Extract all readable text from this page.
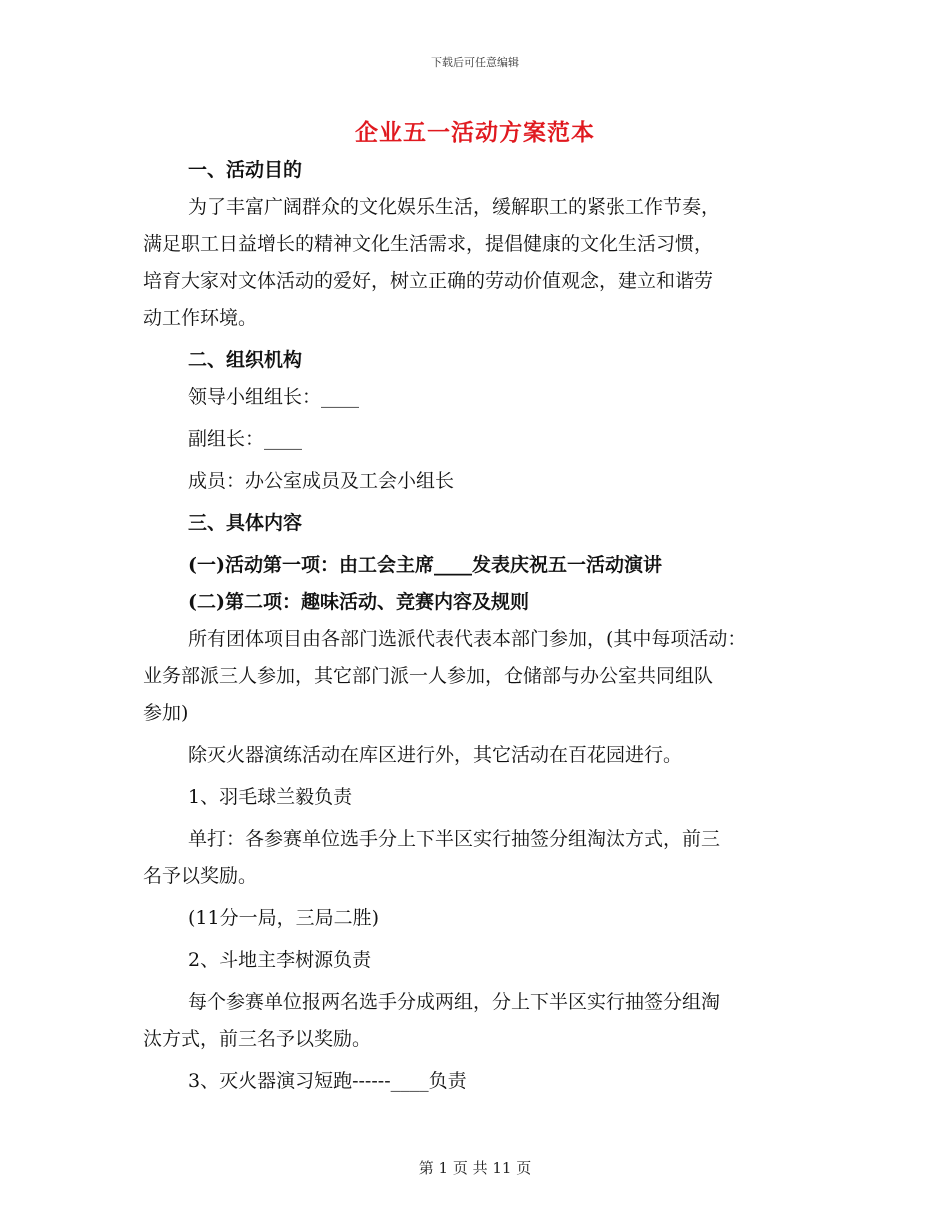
下载后可任意编辑
企业五一活动方案范本
一、活动目的
为了丰富广阔群众的文化娱乐生活，缓解职工的紧张工作节奏，
满足职工日益增长的精神文化生活需求，提倡健康的文化生活习惯，
培育大家对文体活动的爱好，树立正确的劳动价值观念，建立和谐劳
动工作环境。
二、组织机构
领导小组组长：____
副组长：____
成员：办公室成员及工会小组长
三、具体内容
(一)活动第一项：由工会主席____发表庆祝五一活动演讲
(二)第二项：趣味活动、竞赛内容及规则
所有团体项目由各部门选派代表代表本部门参加，(其中每项活动：
业务部派三人参加，其它部门派一人参加，仓储部与办公室共同组队
参加)
除灭火器演练活动在库区进行外，其它活动在百花园进行。
1、羽毛球兰毅负责
单打：各参赛单位选手分上下半区实行抽签分组淘汰方式，前三
名予以奖励。
(11分一局，三局二胜)
2、斗地主李树源负责
每个参赛单位报两名选手分成两组，分上下半区实行抽签分组淘
汰方式，前三名予以奖励。
3、灭火器演习短跑------____负责
第 1 页 共 11 页
